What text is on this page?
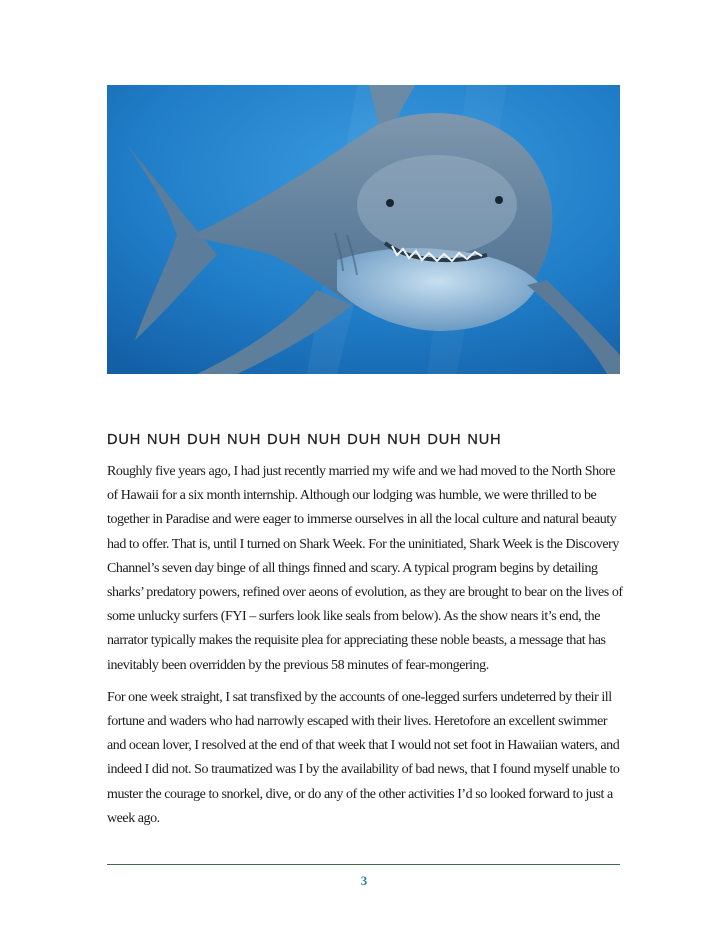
DUH NUH DUH NUH DUH NUH DUH NUH DUH NUH

Roughly five years ago, I had just recently married my wife and we had moved to the North Shore of Hawaii for a six month internship. Although our lodging was humble, we were thrilled to be together in Paradise and were eager to immerse ourselves in all the local culture and natural beauty had to offer. That is, until I turned on Shark Week. For the uninitiated, Shark Week is the Discovery Channel’s seven day binge of all things finned and scary. A typical program begins by detailing sharks’ predatory powers, refined over aeons of evolution, as they are brought to bear on the lives of some unlucky surfers (FYI – surfers look like seals from below). As the show nears it’s end, the narrator typically makes the requisite plea for appreciating these noble beasts, a message that has inevitably been overridden by the previous 58 minutes of fear-mongering.

For one week straight, I sat transfixed by the accounts of one-legged surfers undeterred by their ill fortune and waders who had narrowly escaped with their lives. Heretofore an excellent swimmer and ocean lover, I resolved at the end of that week that I would not set foot in Hawaiian waters, and indeed I did not. So traumatized was I by the availability of bad news, that I found myself unable to muster the courage to snorkel, dive, or do any of the other activities I’d so looked forward to just a week ago.

3
